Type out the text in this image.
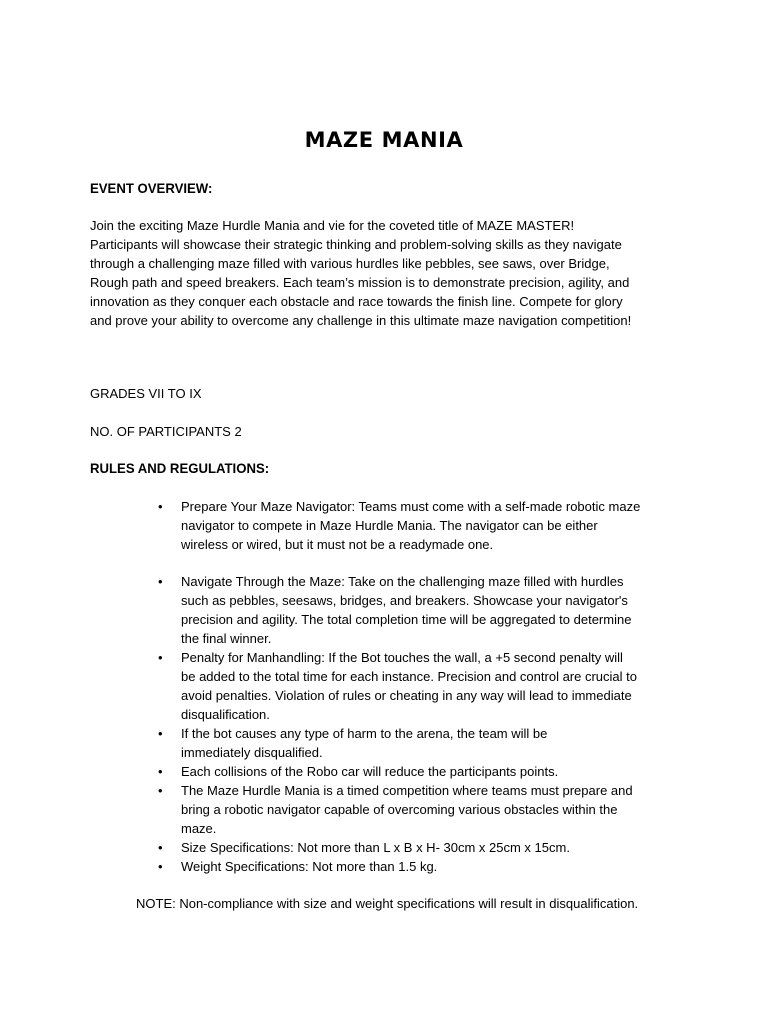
MAZE MANIA
EVENT OVERVIEW:

Join the exciting Maze Hurdle Mania and vie for the coveted title of MAZE MASTER!
Participants will showcase their strategic thinking and problem-solving skills as they navigate
through a challenging maze filled with various hurdles like pebbles, see saws, over Bridge,
Rough path and speed breakers. Each team’s mission is to demonstrate precision, agility, and
innovation as they conquer each obstacle and race towards the finish line. Compete for glory
and prove your ability to overcome any challenge in this ultimate maze navigation competition!

GRADES VII TO IX

NO. OF PARTICIPANTS 2

RULES AND REGULATIONS:
• Prepare Your Maze Navigator: Teams must come with a self-made robotic maze
navigator to compete in Maze Hurdle Mania. The navigator can be either
wireless or wired, but it must not be a readymade one.
• Navigate Through the Maze: Take on the challenging maze filled with hurdles
such as pebbles, seesaws, bridges, and breakers. Showcase your navigator's
precision and agility. The total completion time will be aggregated to determine
the final winner.
• Penalty for Manhandling: If the Bot touches the wall, a +5 second penalty will
be added to the total time for each instance. Precision and control are crucial to
avoid penalties. Violation of rules or cheating in any way will lead to immediate
disqualification.
• If the bot causes any type of harm to the arena, the team will be
immediately disqualified.
• Each collisions of the Robo car will reduce the participants points.
• The Maze Hurdle Mania is a timed competition where teams must prepare and
bring a robotic navigator capable of overcoming various obstacles within the
maze.
• Size Specifications: Not more than L x B x H- 30cm x 25cm x 15cm.
• Weight Specifications: Not more than 1.5 kg.

NOTE: Non-compliance with size and weight specifications will result in disqualification.
